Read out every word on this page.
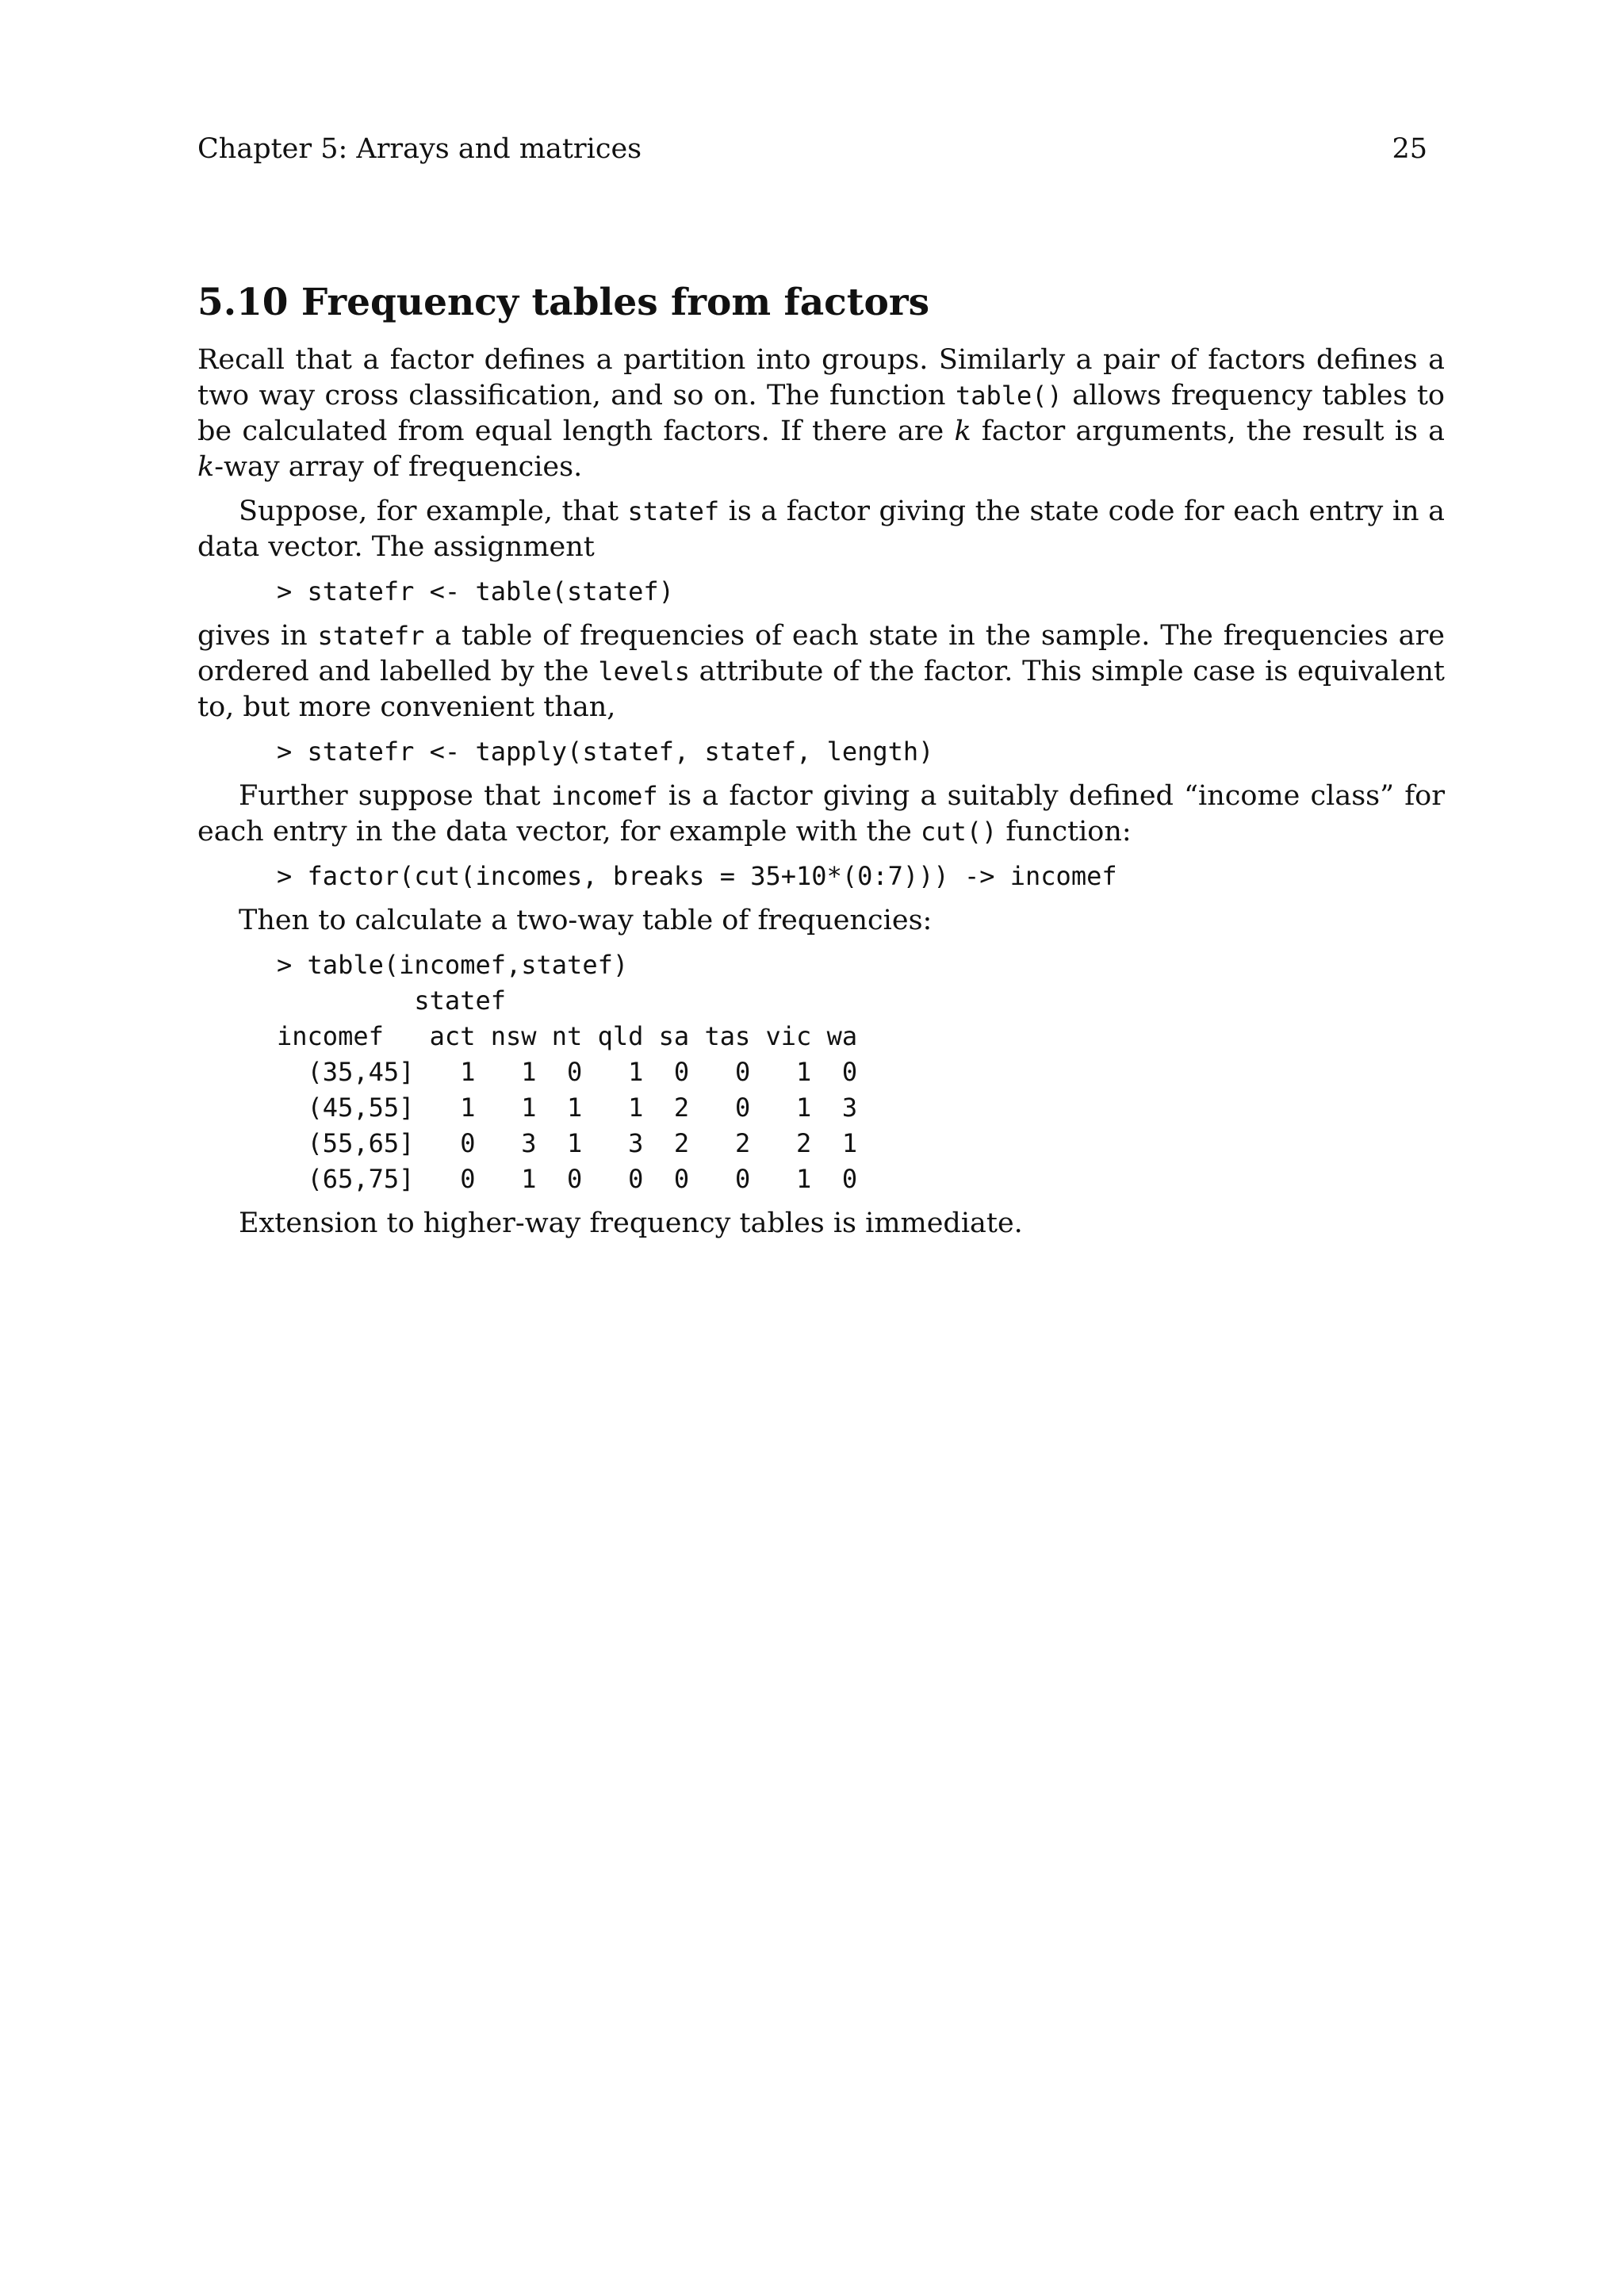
Chapter 5: Arrays and matrices	25
5.10 Frequency tables from factors

Recall that a factor defines a partition into groups. Similarly a pair of factors defines a two way cross classification, and so on. The function table() allows frequency tables to be calculated from equal length factors. If there are k factor arguments, the result is a k-way array of frequencies.

Suppose, for example, that statef is a factor giving the state code for each entry in a data vector. The assignment

> statefr <- table(statef)

gives in statefr a table of frequencies of each state in the sample. The frequencies are ordered and labelled by the levels attribute of the factor. This simple case is equivalent to, but more convenient than,

> statefr <- tapply(statef, statef, length)

Further suppose that incomef is a factor giving a suitably defined “income class” for each entry in the data vector, for example with the cut() function:

> factor(cut(incomes, breaks = 35+10*(0:7))) -> incomef

Then to calculate a two-way table of frequencies:

> table(incomef,statef)
statef
incomef   act nsw nt qld sa tas vic wa
(35,45]   1   1  0   1  0   0   1  0
(45,55]   1   1  1   1  2   0   1  3
(55,65]   0   3  1   3  2   2   2  1
(65,75]   0   1  0   0  0   0   1  0

Extension to higher-way frequency tables is immediate.
